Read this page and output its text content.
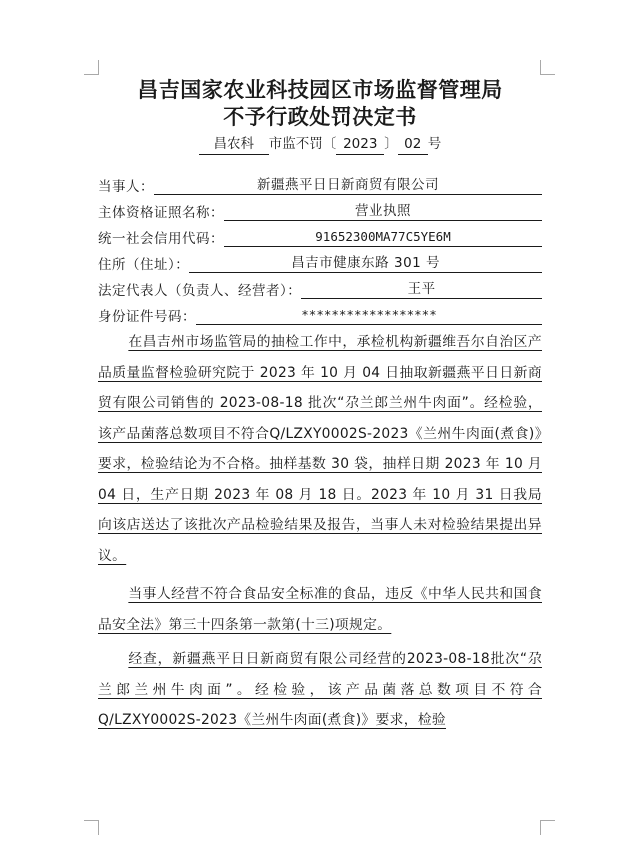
昌吉国家农业科技园区市场监督管理局
不予行政处罚决定书
昌农科 市监不罚〔 2023 〕 02 号
当事人：	新疆燕平日日新商贸有限公司
主体资格证照名称：	营业执照
统一社会信用代码：	91652300MA77C5YE6M
住所（住址）：	昌吉市健康东路 301 号
法定代表人（负责人、经营者）：	王平
身份证件号码：	******************
在昌吉州市场监管局的抽检工作中，承检机构新疆维吾尔自治区产品质量监督检验研究院于 2023 年 10 月 04 日抽取新疆燕平日日新商贸有限公司销售的 2023-08-18 批次“尕兰郎兰州牛肉面”。经检验，该产品菌落总数项目不符合Q/LZXY0002S-2023《兰州牛肉面(煮食)》要求，检验结论为不合格。抽样基数 30 袋，抽样日期 2023 年 10 月 04 日，生产日期 2023 年 08 月 18 日。2023 年 10 月 31 日我局向该店送达了该批次产品检验结果及报告，当事人未对检验结果提出异议。
当事人经营不符合食品安全标准的食品，违反《中华人民共和国食品安全法》第三十四条第一款第(十三)项规定。
经查，新疆燕平日日新商贸有限公司经营的2023-08-18批次“尕兰郎兰州牛肉面”。经检验，该产品菌落总数项目不符合Q/LZXY0002S-2023《兰州牛肉面(煮食)》要求，检验
